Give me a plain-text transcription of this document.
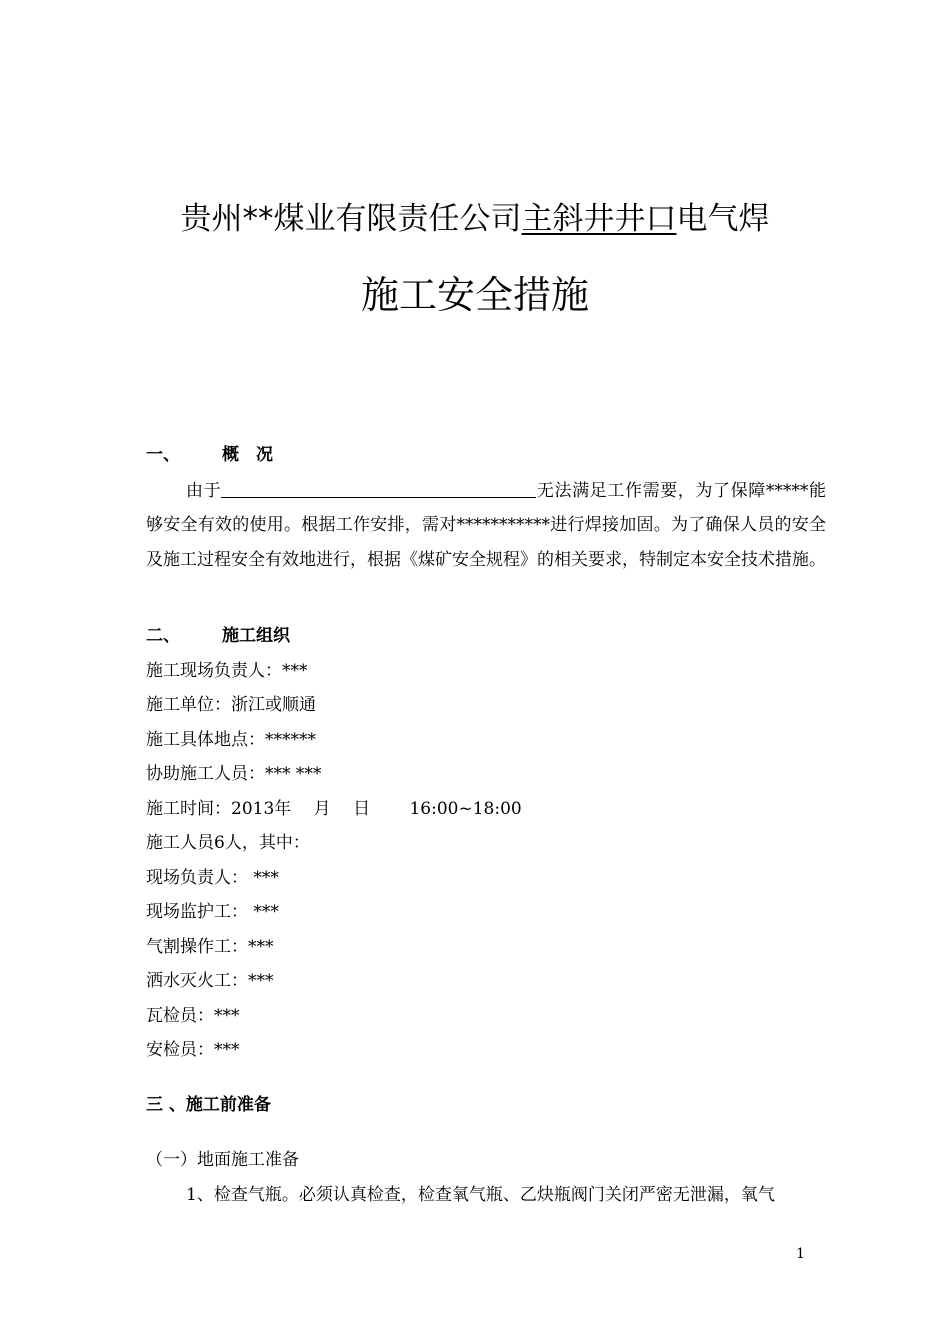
贵州**煤业有限责任公司主斜井井口电气焊
施工安全措施
一、 概　况
由于	无法满足工作需要，为了保障*****能够安全有效的使用。根据工作安排，需对***********进行焊接加固。为了确保人员的安全及施工过程安全有效地进行，根据《煤矿安全规程》的相关要求，特制定本安全技术措施。
二、 施工组织
施工现场负责人：***
施工单位：浙江或顺通
施工具体地点：******
协助施工人员：*** ***
施工时间：2013年　 月　 日　　 16:00~18:00
施工人员6人，其中：
现场负责人： ***
现场监护工： ***
气割操作工：***
洒水灭火工：***
瓦检员：***
安检员：***
三 、施工前准备
（一）地面施工准备
1、检查气瓶。必须认真检查，检查氧气瓶、乙炔瓶阀门关闭严密无泄漏，氧气
1
